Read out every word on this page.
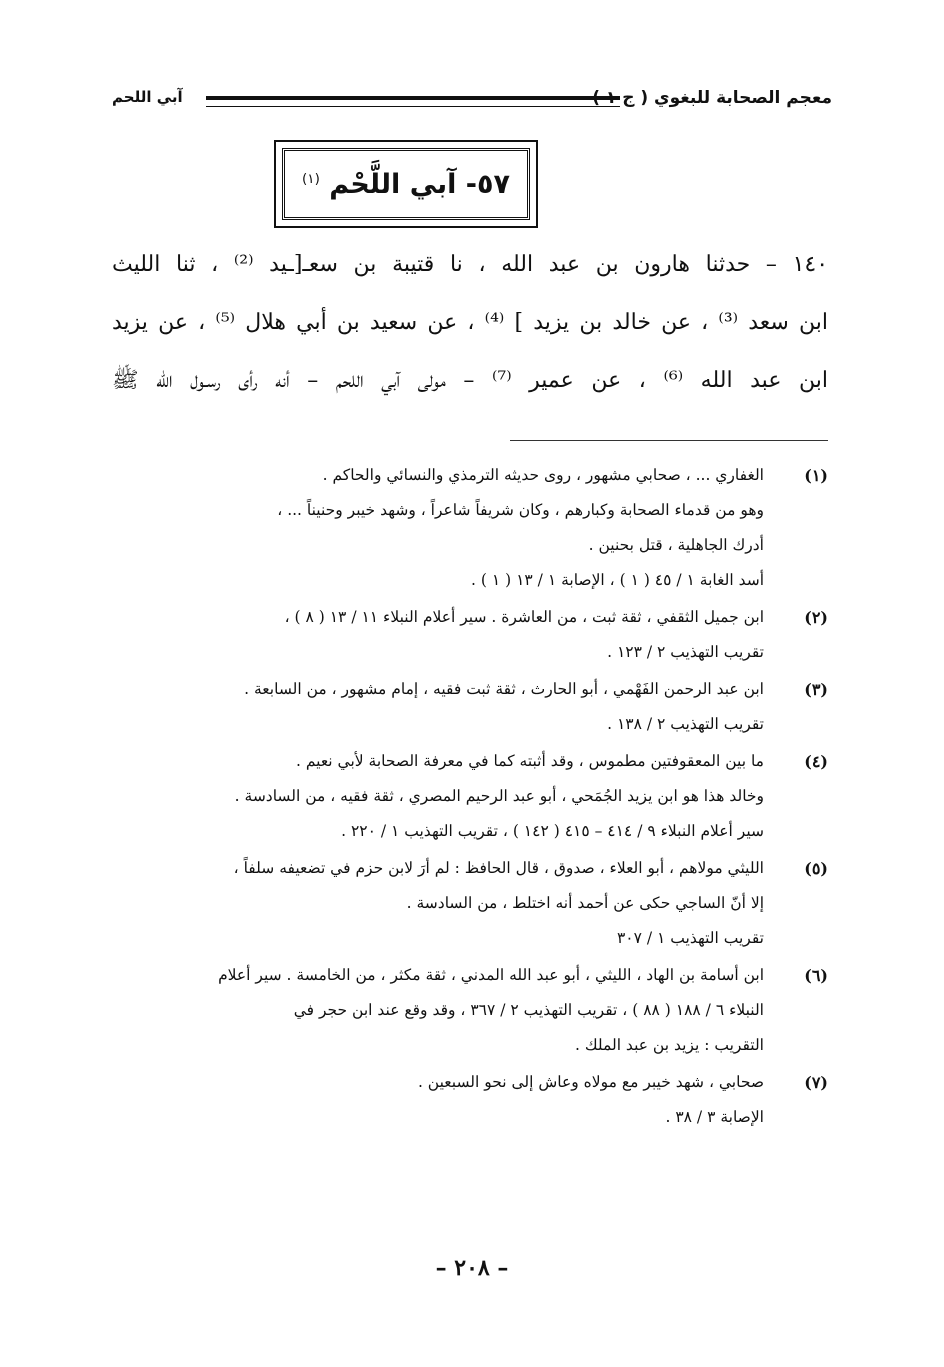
معجم الصحابة للبغوي ( ج ١ )
آبي اللحم
٥٧- آبي اللَّحْم $^{(١)}$
١٤٠ – حدثنا هارون بن عبد الله ، نا قتيبة بن سعـ[ـيد ⁽²⁾ ، ثنا الليث
ابن سعد ⁽³⁾ ، عن خالد بن يزيد ] ⁽⁴⁾ ، عن سعيد بن أبي هلال ⁽⁵⁾ ، عن يزيد
ابن عبد الله ⁽⁶⁾ ، عن عمير ⁽⁷⁾ – مولى آبي اللحم – أنه رأى رسـول الله ﷺ
(١)
الغفاري ... ، صحابي مشهور ، روى حديثه الترمذي والنسائي والحاكم .
وهو من قدماء الصحابة وكبارهم ، وكان شريفاً شاعراً ، وشهد خيبر وحنيناً ... ،
أدرك الجاهلية ، قتل بحنين .
أسد الغابة ١ / ٤٥ ( ١ ) ، الإصابة ١ / ١٣ ( ١ ) .
(٢)
ابن جميل الثقفي ، ثقة ثبت ، من العاشرة . سير أعلام النبلاء ١١ / ١٣ ( ٨ ) ،
تقريب التهذيب ٢ / ١٢٣ .
(٣)
ابن عبد الرحمن الفَهْمي ، أبو الحارث ، ثقة ثبت فقيه ، إمام مشهور ، من السابعة .
تقريب التهذيب ٢ / ١٣٨ .
(٤)
ما بين المعقوفتين مطموس ، وقد أثبته كما في معرفة الصحابة لأبي نعيم .
وخالد هذا هو ابن يزيد الجُمَحي ، أبو عبد الرحيم المصري ، ثقة فقيه ، من السادسة .
سير أعلام النبلاء ٩ / ٤١٤ – ٤١٥ ( ١٤٢ ) ، تقريب التهذيب ١ / ٢٢٠ .
(٥)
الليثي مولاهم ، أبو العلاء ، صدوق ، قال الحافظ : لم أرَ لابن حزم في تضعيفه سلفاً ،
إلا أنّ الساجي حكى عن أحمد أنه اختلط ، من السادسة .
تقريب التهذيب ١ / ٣٠٧
(٦)
ابن أسامة بن الهاد ، الليثي ، أبو عبد الله المدني ، ثقة مكثر ، من الخامسة . سير أعلام
النبلاء ٦ / ١٨٨ ( ٨٨ ) ، تقريب التهذيب ٢ / ٣٦٧ ، وقد وقع عند ابن حجر في
التقريب : يزيد بن عبد الملك .
(٧)
صحابي ، شهد خيبر مع مولاه وعاش إلى نحو السبعين .
الإصابة ٣ / ٣٨ .
– ٢٠٨ –
